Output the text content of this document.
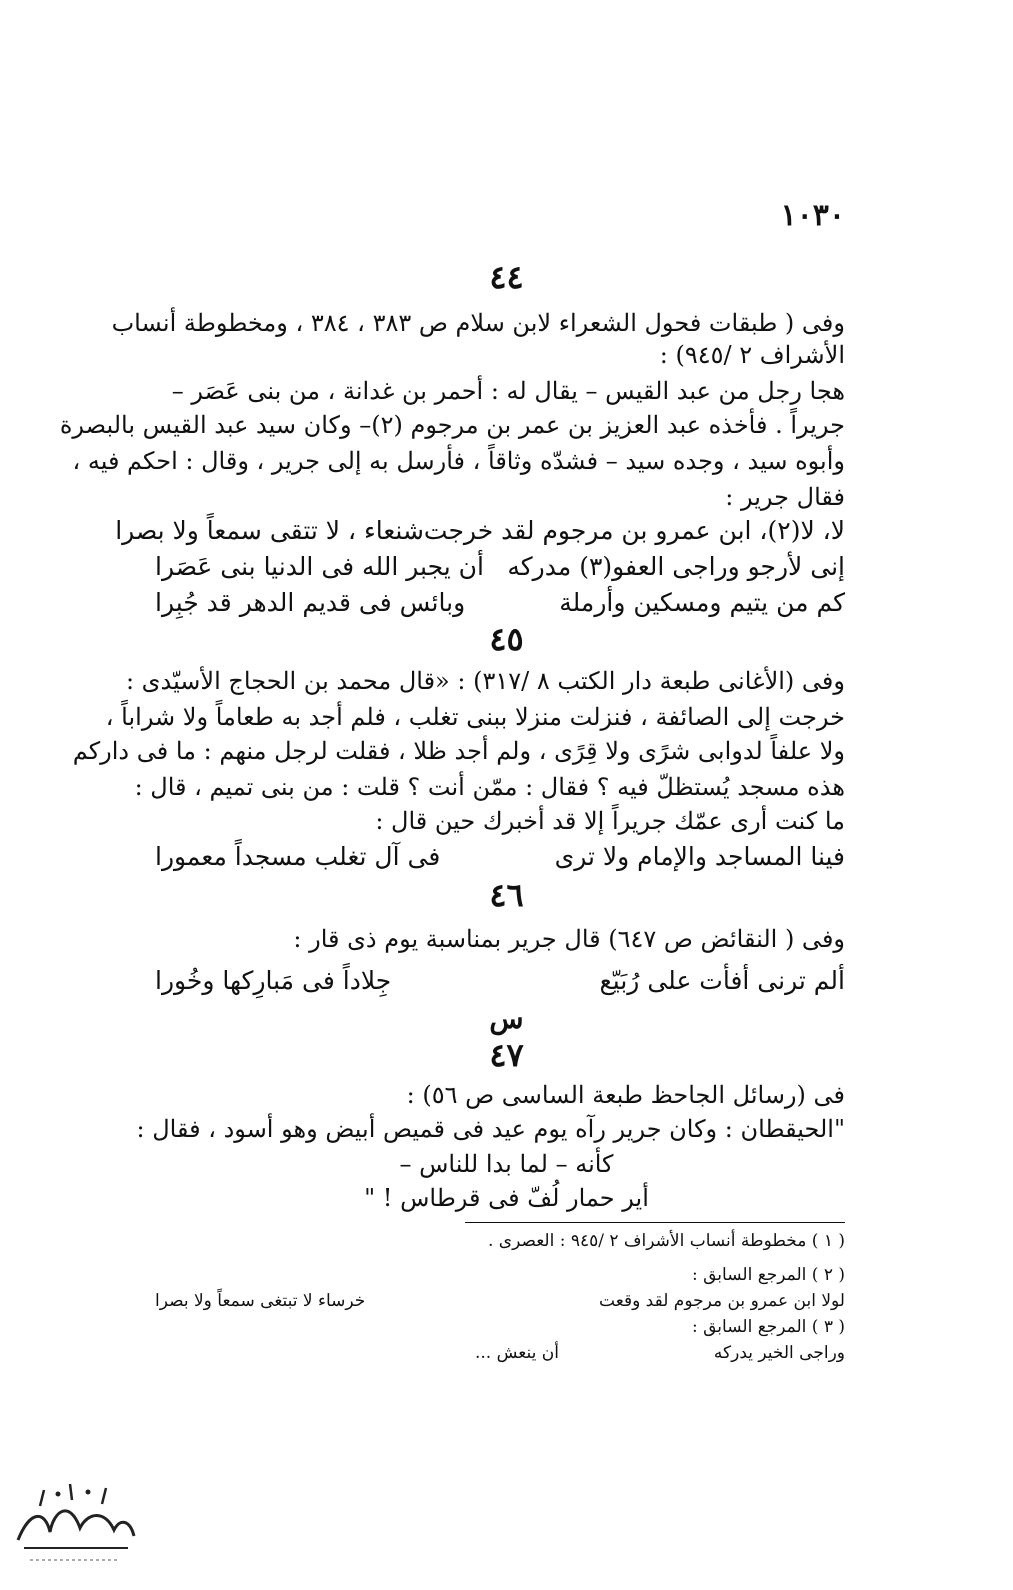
١٠٣٠
٤٤
وفى ( طبقات فحول الشعراء لابن سلام ص ٣٨٣ ، ٣٨٤ ، ومخطوطة أنساب
الأشراف ٢ /٩٤٥) :
هجا رجل من عبد القيس – يقال له : أحمر بن غدانة ، من بنى عَصَر –
جريراً . فأخذه عبد العزيز بن عمر بن مرجوم (٢)– وكان سيد عبد القيس بالبصرة
وأبوه سيد ، وجده سيد – فشدّه وثاقاً ، فأرسل به إلى جرير ، وقال : احكم فيه ،
فقال جرير :
لا، لا(٢)، ابن عمرو بن مرجوم لقد خرجت
شنعاء ، لا تتقى سمعاً ولا بصرا
إنى لأرجو وراجى العفو(٣) مدركه
أن يجبر الله فى الدنيا بنى عَصَرا
كم من يتيم ومسكين وأرملة
وبائس فى قديم الدهر قد جُبِرا
٤٥
وفى (الأغانى طبعة دار الكتب ٨ /٣١٧) : «قال محمد بن الحجاج الأسيّدى :
خرجت إلى الصائفة ، فنزلت منزلا ببنى تغلب ، فلم أجد به طعاماً ولا شراباً ،
ولا علفاً لدوابى شرًى ولا قِرًى ، ولم أجد ظلا ، فقلت لرجل منهم : ما فى داركم
هذه مسجد يُستظلّ فيه ؟ فقال : ممّن أنت ؟ قلت : من بنى تميم ، قال :
ما كنت أرى عمّك جريراً إلا قد أخبرك حين قال :
فينا المساجد والإمام ولا ترى
فى آل تغلب مسجداً معمورا
٤٦
وفى ( النقائض ص ٦٤٧) قال جرير بمناسبة يوم ذى قار :
ألم ترنى أفأت على رُبَيّع
جِلاداً فى مَبارِكها وخُورا
س
٤٧
فى (رسائل الجاحظ طبعة الساسى ص ٥٦) :
"الحيقطان : وكان جرير رآه يوم عيد فى قميص أبيض وهو أسود ، فقال :
كأنه – لما بدا للناس –
أير حمار لُفّ فى قرطاس ! "
( ١ ) مخطوطة أنساب الأشراف ٢ /٩٤٥ : العصرى .
( ٢ ) المرجع السابق :
لولا ابن عمرو بن مرجوم لقد وقعت
خرساء لا تبتغى سمعاً ولا بصرا
( ٣ ) المرجع السابق :
وراجى الخير يدركه
أن ينعش ...
